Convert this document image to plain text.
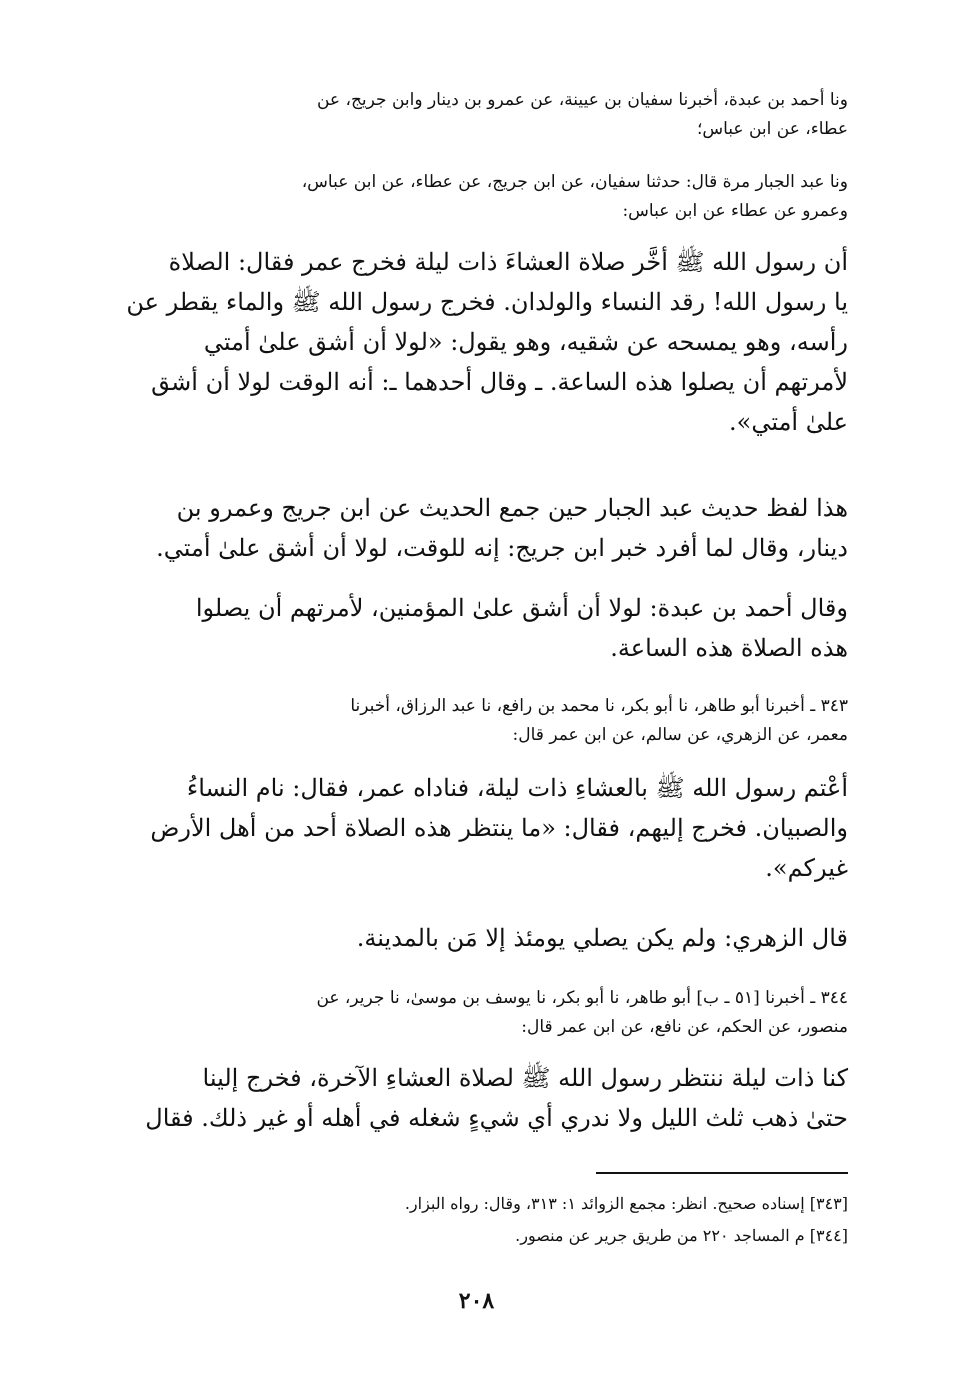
ونا أحمد بن عبدة، أخبرنا سفيان بن عيينة، عن عمرو بن دينار وابن جريج، عن
عطاء، عن ابن عباس؛
ونا عبد الجبار مرة قال: حدثنا سفيان، عن ابن جريج، عن عطاء، عن ابن عباس،
وعمرو عن عطاء عن ابن عباس:
أن رسول الله ﷺ أخَّر صلاة العشاءَ ذات ليلة فخرج عمر فقال: الصلاة
يا رسول الله! رقد النساء والولدان. فخرج رسول الله ﷺ والماء يقطر عن
رأسه، وهو يمسحه عن شقيه، وهو يقول: «لولا أن أشق علىٰ أمتي
لأمرتهم أن يصلوا هذه الساعة. ـ وقال أحدهما ـ: أنه الوقت لولا أن أشق
علىٰ أمتي».
هذا لفظ حديث عبد الجبار حين جمع الحديث عن ابن جريج وعمرو بن
دينار، وقال لما أفرد خبر ابن جريج: إنه للوقت، لولا أن أشق علىٰ أمتي.
وقال أحمد بن عبدة: لولا أن أشق علىٰ المؤمنين، لأمرتهم أن يصلوا
هذه الصلاة هذه الساعة.
٣٤٣ ـ أخبرنا أبو طاهر، نا أبو بكر، نا محمد بن رافع، نا عبد الرزاق، أخبرنا
معمر، عن الزهري، عن سالم، عن ابن عمر قال:
أعْتم رسول الله ﷺ بالعشاءِ ذات ليلة، فناداه عمر، فقال: نام النساءُ
والصبيان. فخرج إليهم، فقال: «ما ينتظر هذه الصلاة أحد من أهل الأرض
غيركم».
قال الزهري: ولم يكن يصلي يومئذ إلا مَن بالمدينة.
٣٤٤ ـ أخبرنا [٥١ ـ ب] أبو طاهر، نا أبو بكر، نا يوسف بن موسىٰ، نا جرير، عن
منصور، عن الحكم، عن نافع، عن ابن عمر قال:
كنا ذات ليلة ننتظر رسول الله ﷺ لصلاة العشاءِ الآخرة، فخرج إلينا
حتىٰ ذهب ثلث الليل ولا ندري أي شيءٍ شغله في أهله أو غير ذلك. فقال
[٣٤٣] إسناده صحيح. انظر: مجمع الزوائد ١: ٣١٣، وقال: رواه البزار.
[٣٤٤] م المساجد ٢٢٠ من طريق جرير عن منصور.
٢٠٨
